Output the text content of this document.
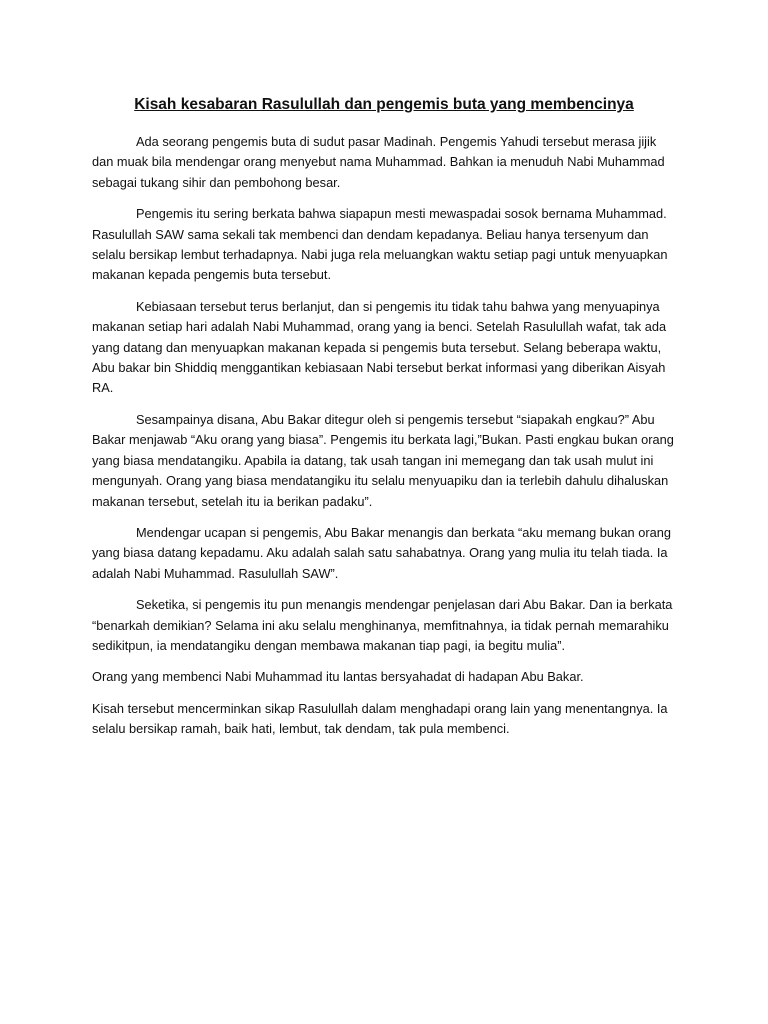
Kisah kesabaran Rasulullah dan pengemis buta yang membencinya

Ada seorang pengemis buta di sudut pasar Madinah. Pengemis Yahudi tersebut merasa jijik dan muak bila mendengar orang menyebut nama Muhammad. Bahkan ia menuduh Nabi Muhammad sebagai tukang sihir dan pembohong besar.

Pengemis itu sering berkata bahwa siapapun mesti mewaspadai sosok bernama Muhammad. Rasulullah SAW sama sekali tak membenci dan dendam kepadanya. Beliau hanya tersenyum dan selalu bersikap lembut terhadapnya. Nabi juga rela meluangkan waktu setiap pagi untuk menyuapkan makanan kepada pengemis buta tersebut.

Kebiasaan tersebut terus berlanjut, dan si pengemis itu tidak tahu bahwa yang menyuapinya makanan setiap hari adalah Nabi Muhammad, orang yang ia benci. Setelah Rasulullah wafat, tak ada yang datang dan menyuapkan makanan kepada si pengemis buta tersebut. Selang beberapa waktu, Abu bakar bin Shiddiq menggantikan kebiasaan Nabi tersebut berkat informasi yang diberikan Aisyah RA.

Sesampainya disana, Abu Bakar ditegur oleh si pengemis tersebut “siapakah engkau?” Abu Bakar menjawab “Aku orang yang biasa”. Pengemis itu berkata lagi,”Bukan. Pasti engkau bukan orang yang biasa mendatangiku. Apabila ia datang, tak usah tangan ini memegang dan tak usah mulut ini mengunyah. Orang yang biasa mendatangiku itu selalu menyuapiku dan ia terlebih dahulu dihaluskan makanan tersebut, setelah itu ia berikan padaku”.

Mendengar ucapan si pengemis, Abu Bakar menangis dan berkata “aku memang bukan orang yang biasa datang kepadamu. Aku adalah salah satu sahabatnya. Orang yang mulia itu telah tiada. Ia adalah Nabi Muhammad. Rasulullah SAW”.

Seketika, si pengemis itu pun menangis mendengar penjelasan dari Abu Bakar. Dan ia berkata “benarkah demikian? Selama ini aku selalu menghinanya, memfitnahnya, ia tidak pernah memarahiku sedikitpun, ia mendatangiku dengan membawa makanan tiap pagi, ia begitu mulia”.

Orang yang membenci Nabi Muhammad itu lantas bersyahadat di hadapan Abu Bakar.

Kisah tersebut mencerminkan sikap Rasulullah dalam menghadapi orang lain yang menentangnya. Ia selalu bersikap ramah, baik hati, lembut, tak dendam, tak pula membenci.
